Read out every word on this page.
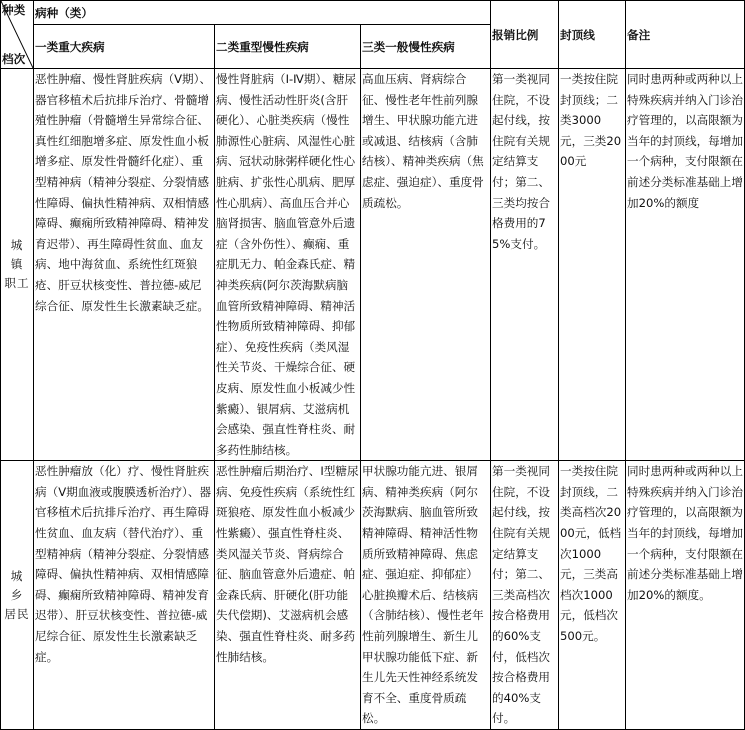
种类
档次	病种（类）			报销比例	封顶线	备注
	一类重大疾病	二类重型慢性疾病	三类一般慢性疾病			
城 镇 职工	恶性肿瘤、慢性肾脏疾病（V期）、器官移植术后抗排斥治疗、骨髓增殖性肿瘤（骨髓增生异常综合征、真性红细胞增多症、原发性血小板增多症、原发性骨髓纤化症）、重型精神病（精神分裂症、分裂情感性障碍、偏执性精神病、双相情感障碍、癫痫所致精神障碍、精神发育迟带）、再生障碍性贫血、血友病、地中海贫血、系统性红斑狼疮、肝豆状核变性、普拉德-威尼综合征、原发性生长激素缺乏症。	慢性肾脏病（Ⅰ-Ⅳ期）、糖尿病、慢性活动性肝炎(含肝硬化）、心脏类疾病（慢性肺源性心脏病、风湿性心脏病、冠状动脉粥样硬化性心脏病、扩张性心肌病、肥厚性心肌病）、高血压合并心脑肾损害、脑血管意外后遗症（含外伤性）、癫痫、重症肌无力、帕金森氏症、精神类疾病(阿尔茨海默病脑血管所致精神障碍、精神活性物质所致精神障碍、抑郁症）、免疫性疾病（类风湿性关节炎、干燥综合征、硬皮病、原发性血小板减少性紫癜）、银屑病、艾滋病机会感染、强直性脊柱炎、耐多药性肺结核。	高血压病、肾病综合征、慢性老年性前列腺增生、甲状腺功能亢进或减退、结核病（含肺结核）、精神类疾病（焦虑症、强迫症）、重度骨质疏松。	第一类视同住院，不设起付线，按住院有关规定结算支付；第二、三类均按合格费用的75%支付。	一类按住院封顶线；二类3000元，三类2000元	同时患两种或两种以上特殊疾病并纳入门诊治疗管理的，以高限额为当年的封顶线，每增加一个病种，支付限额在前述分类标准基础上增加20%的额度
城 乡 居民	恶性肿瘤放（化）疗、慢性肾脏疾病（V期血液或腹膜透析治疗）、器官移植术后抗排斥治疗、再生障碍性贫血、血友病（替代治疗）、重型精神病（精神分裂症、分裂情感障碍、偏执性精神病、双相情感障碍、癫痫所致精神障碍、精神发育迟带）、肝豆状核变性、普拉德-威尼综合征、原发性生长激素缺乏症。	恶性肿瘤后期治疗、Ⅰ型糖尿病、免疫性疾病（系统性红斑狼疮、原发性血小板减少性紫癜）、强直性脊柱炎、类风湿关节炎、肾病综合征、脑血管意外后遗症、帕金森氏病、肝硬化(肝功能失代偿期)、艾滋病机会感染、强直性脊柱炎、耐多药性肺结核。	甲状腺功能亢进、银屑病、精神类疾病（阿尔茨海默病、脑血管所致精神障碍、精神活性物质所致精神障碍、焦虑症、强迫症、抑郁症）心脏换瓣术后、结核病（含肺结核）、慢性老年性前列腺增生、新生儿甲状腺功能低下症、新生儿先天性神经系统发育不全、重度骨质疏松。	第一类视同住院，不设起付线，按住院有关规定结算支付；第二、三类高档次按合格费用的60%支付，低档次按合格费用的40%支付。	一类按住院封顶线，二类高档次2000元，低档次1000元，三类高档次1000元，低档次500元。	同时患两种或两种以上特殊疾病并纳入门诊治疗管理的，以高限额为当年的封顶线，每增加一个病种，支付限额在前述分类标准基础上增加20%的额度。
